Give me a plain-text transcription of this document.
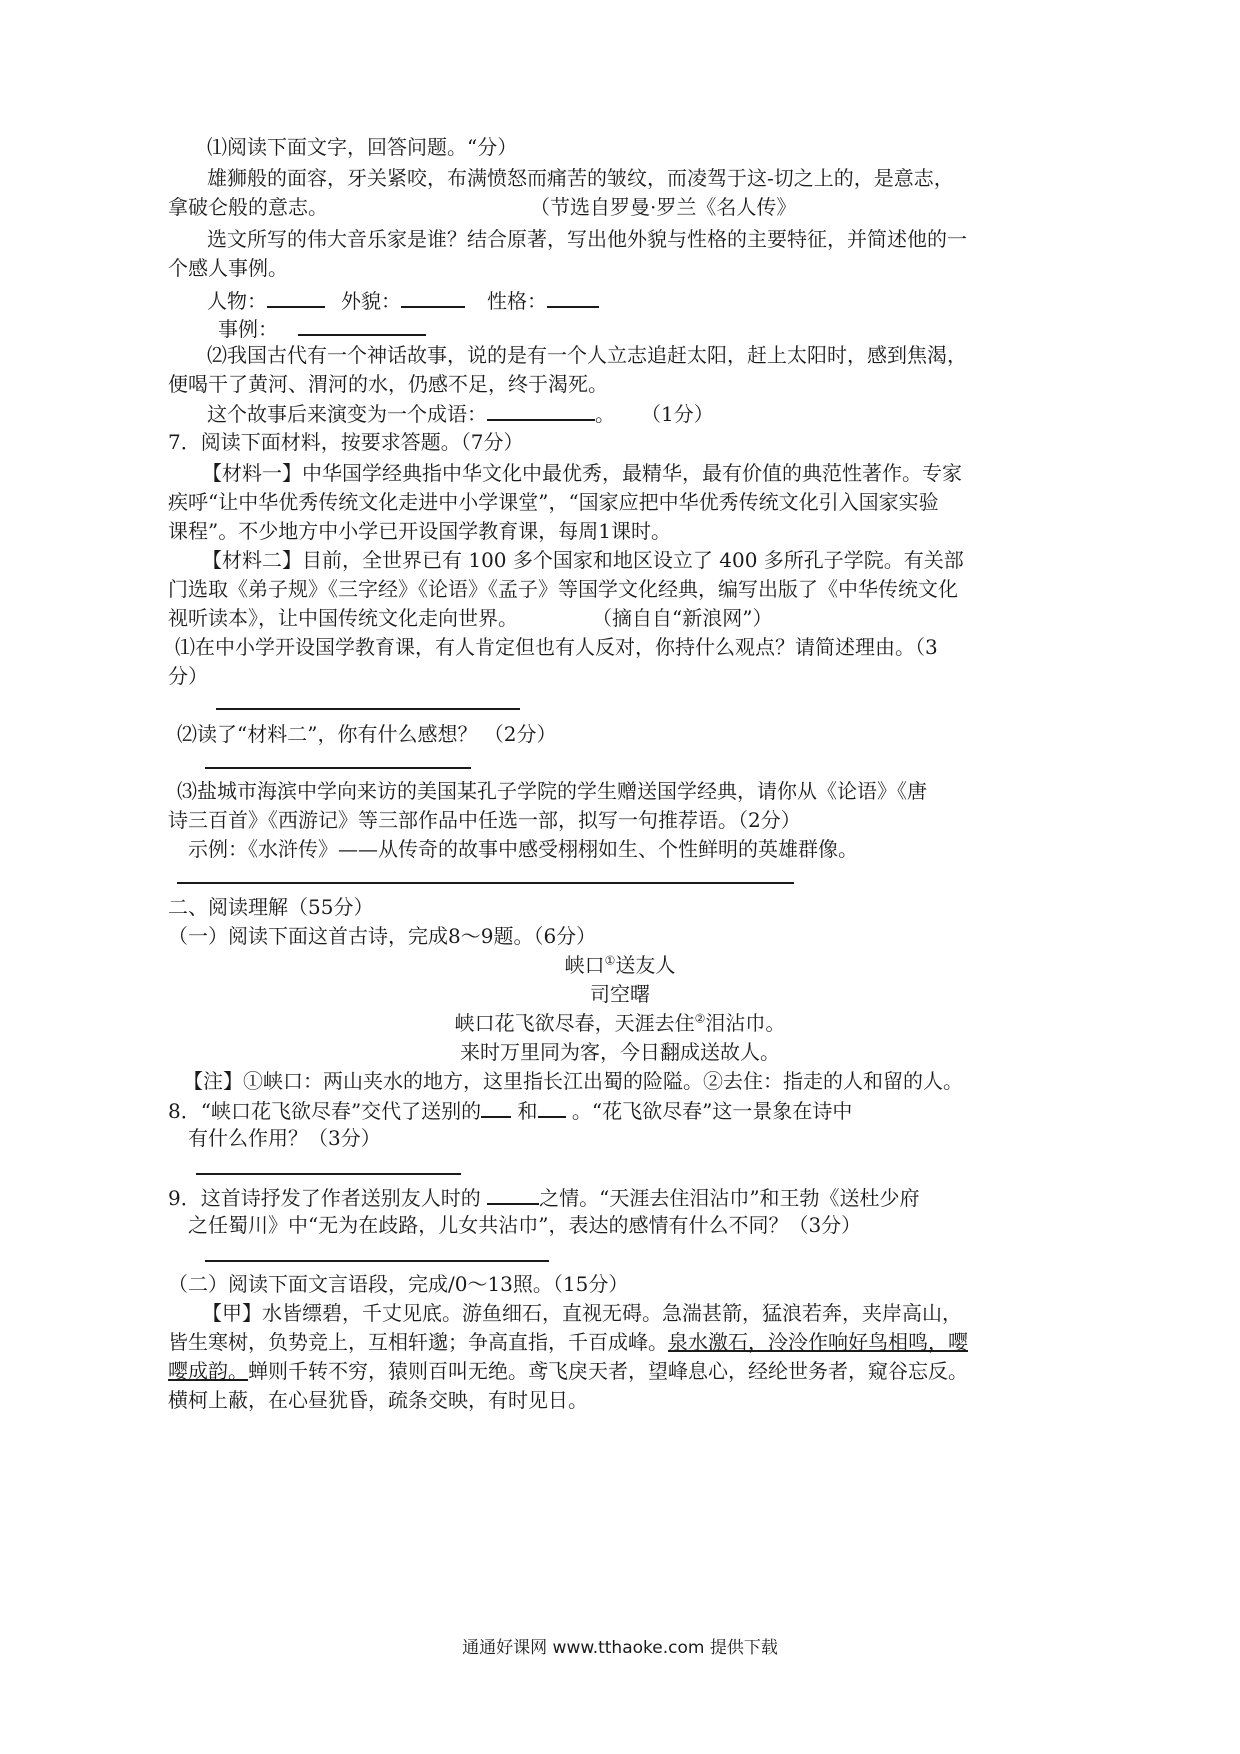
⑴阅读下面文字，回答问题。“分）
雄狮般的面容，牙关紧咬，布满愤怒而痛苦的皱纹，而凌驾于这-切之上的，是意志，
拿破仑般的意志。	（节选自罗曼·罗兰《名人传》
选文所写的伟大音乐家是谁？结合原著，写出他外貌与性格的主要特征，并简述他的一
个感人事例。
人物：	外貌：	性格：
事例：
⑵我国古代有一个神话故事，说的是有一个人立志追赶太阳，赶上太阳时，感到焦渴，
便喝干了黄河、渭河的水，仍感不足，终于渴死。
这个故事后来演变为一个成语：	。 （1分）
7．阅读下面材料，按要求答题。（7分）
【材料一】中华国学经典指中华文化中最优秀，最精华，最有价值的典范性著作。专家
疾呼“让中华优秀传统文化走进中小学课堂”，“国家应把中华优秀传统文化引入国家实验
课程”。不少地方中小学已开设国学教育课，每周1课时。
【材料二】目前，全世界已有 100 多个国家和地区设立了 400 多所孔子学院。有关部
门选取《弟子规》《三字经》《论语》《孟子》等国学文化经典，编写出版了《中华传统文化
视听读本》，让中国传统文化走向世界。	（摘自自“新浪网”）
⑴在中小学开设国学教育课，有人肯定但也有人反对，你持什么观点？请简述理由。（3
分）
⑵读了“材料二”，你有什么感想？ （2分）
⑶盐城市海滨中学向来访的美国某孔子学院的学生赠送国学经典，请你从《论语》《唐
诗三百首》《西游记》等三部作品中任选一部，拟写一句推荐语。（2分）
示例：《水浒传》——从传奇的故事中感受栩栩如生、个性鲜明的英雄群像。
二、阅读理解（55分）
（一）阅读下面这首古诗，完成8～9题。（6分）
峡口①送友人
司空曙
峡口花飞欲尽春，天涯去住②泪沾巾。
来时万里同为客，今日翻成送故人。
【注】①峡口：两山夹水的地方，这里指长江出蜀的险隘。②去住：指走的人和留的人。
8．“峡口花飞欲尽春”交代了送别的 和 。“花飞欲尽春”这一景象在诗中
有什么作用？（3分）
9．这首诗抒发了作者送别友人时的	之情。“天涯去住泪沾巾”和王勃《送杜少府
之任蜀川》中“无为在歧路，儿女共沾巾”，表达的感情有什么不同？（3分）
（二）阅读下面文言语段，完成/0～13照。（15分）
【甲】水皆缥碧，千丈见底。游鱼细石，直视无碍。急湍甚箭，猛浪若奔，夹岸高山，
皆生寒树，负势竞上，互相轩邈；争高直指，千百成峰。泉水激石，泠泠作响好鸟相鸣，嘤
嘤成韵。蝉则千转不穷，猿则百叫无绝。鸢飞戾天者，望峰息心，经纶世务者，窥谷忘反。
横柯上蔽，在心昼犹昏，疏条交映，有时见日。
通通好课网 www.tthaoke.com 提供下载
